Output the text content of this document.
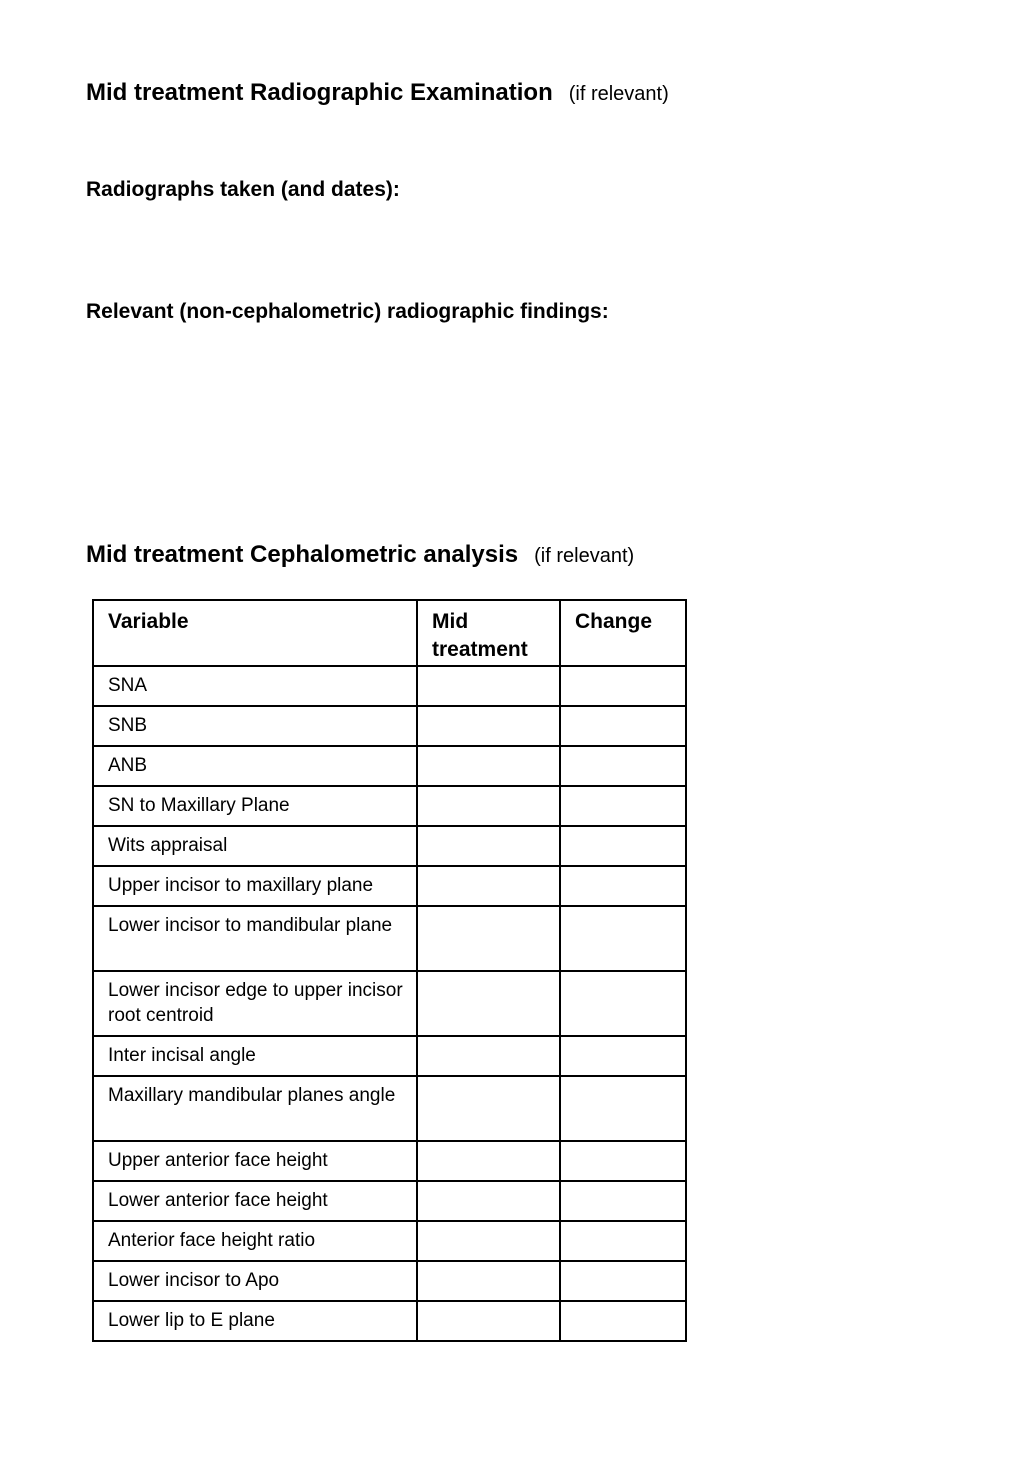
Mid treatment Radiographic Examination (if relevant)
Radiographs taken (and dates):
Relevant (non-cephalometric) radiographic findings:
Mid treatment Cephalometric analysis (if relevant)
Variable	Mid treatment	Change
SNA		
SNB		
ANB		
SN to Maxillary Plane		
Wits appraisal		
Upper incisor to maxillary plane		
Lower incisor to mandibular plane		
Lower incisor edge to upper incisor root centroid		
Inter incisal angle		
Maxillary mandibular planes angle		
Upper anterior face height		
Lower anterior face height		
Anterior face height ratio		
Lower incisor to Apo		
Lower lip to E plane		
